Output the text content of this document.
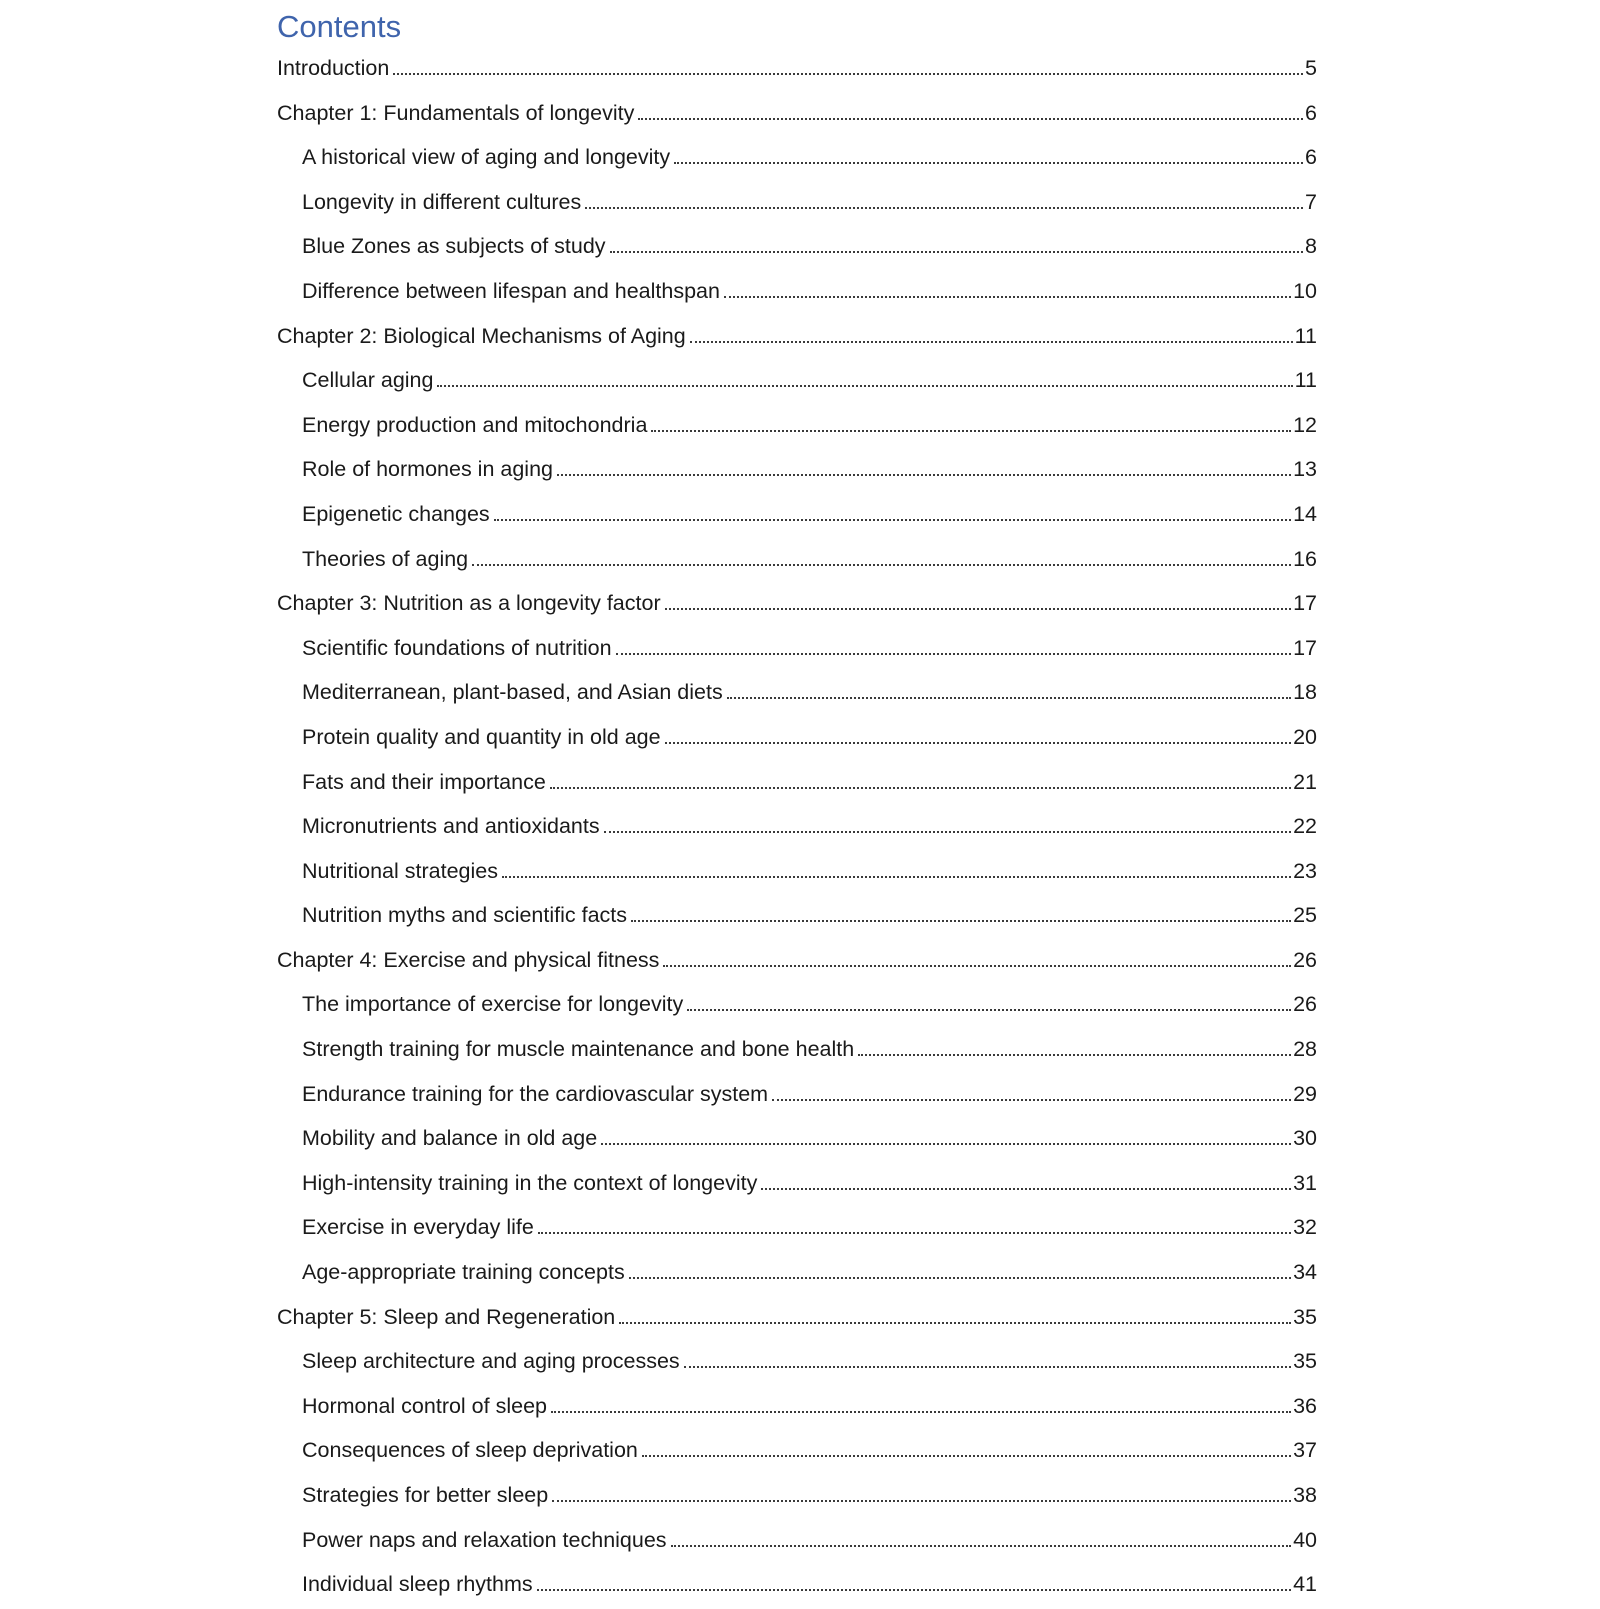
Contents
Introduction	5
Chapter 1: Fundamentals of longevity	6
A historical view of aging and longevity	6
Longevity in different cultures	7
Blue Zones as subjects of study	8
Difference between lifespan and healthspan	10
Chapter 2: Biological Mechanisms of Aging	11
Cellular aging	11
Energy production and mitochondria	12
Role of hormones in aging	13
Epigenetic changes	14
Theories of aging	16
Chapter 3: Nutrition as a longevity factor	17
Scientific foundations of nutrition	17
Mediterranean, plant-based, and Asian diets	18
Protein quality and quantity in old age	20
Fats and their importance	21
Micronutrients and antioxidants	22
Nutritional strategies	23
Nutrition myths and scientific facts	25
Chapter 4: Exercise and physical fitness	26
The importance of exercise for longevity	26
Strength training for muscle maintenance and bone health	28
Endurance training for the cardiovascular system	29
Mobility and balance in old age	30
High-intensity training in the context of longevity	31
Exercise in everyday life	32
Age-appropriate training concepts	34
Chapter 5: Sleep and Regeneration	35
Sleep architecture and aging processes	35
Hormonal control of sleep	36
Consequences of sleep deprivation	37
Strategies for better sleep	38
Power naps and relaxation techniques	40
Individual sleep rhythms	41
